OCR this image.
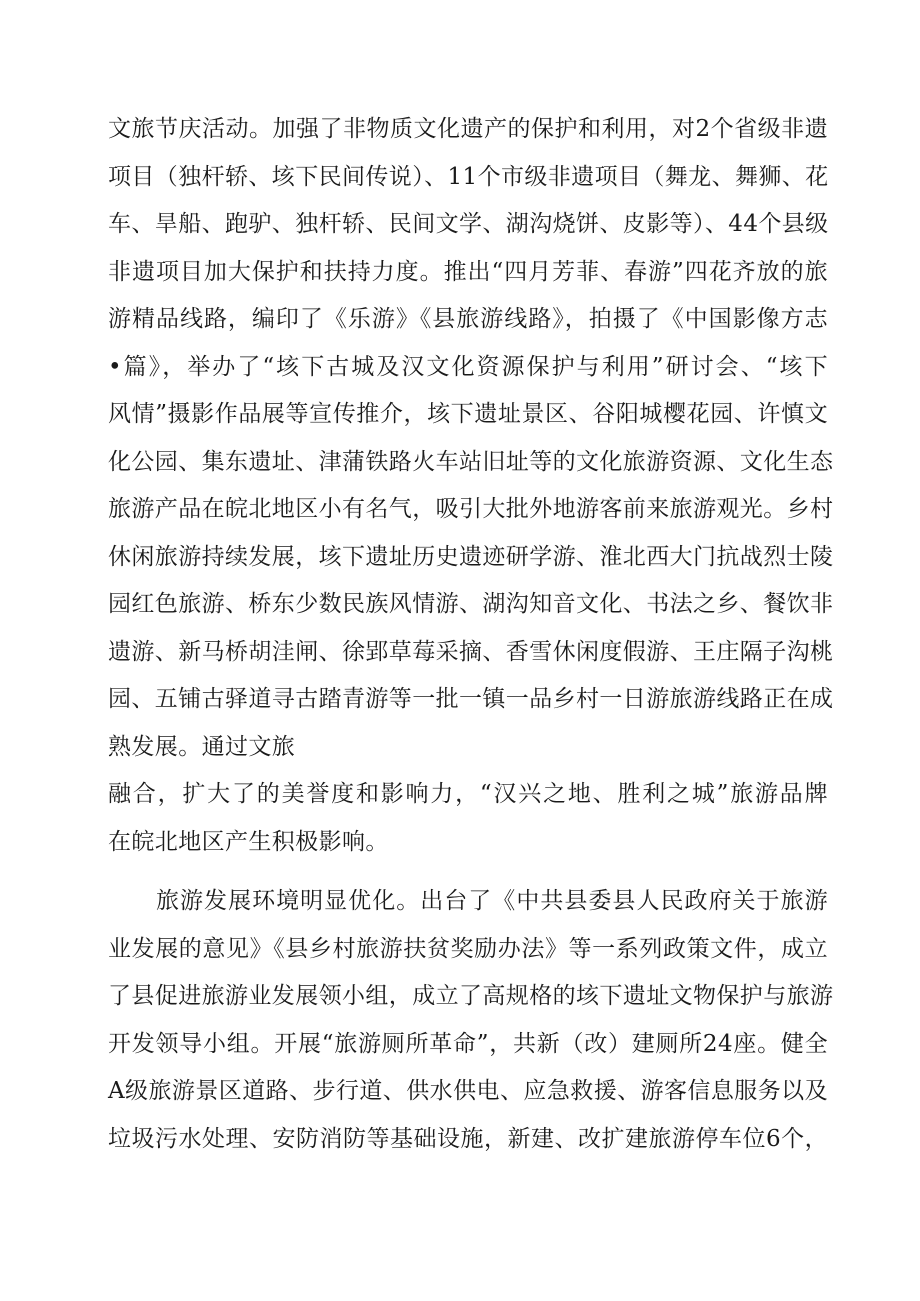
文旅节庆活动。加强了非物质文化遗产的保护和利用，对2个省级非遗
项目（独杆轿、垓下民间传说）、11个市级非遗项目（舞龙、舞狮、花
车、旱船、跑驴、独杆轿、民间文学、湖沟烧饼、皮影等）、44个县级
非遗项目加大保护和扶持力度。推出“四月芳菲、春游”四花齐放的旅
游精品线路，编印了《乐游》《县旅游线路》，拍摄了《中国影像方志
•篇》，举办了“垓下古城及汉文化资源保护与利用”研讨会、“垓下
风情”摄影作品展等宣传推介，垓下遗址景区、谷阳城樱花园、许慎文
化公园、集东遗址、津蒲铁路火车站旧址等的文化旅游资源、文化生态
旅游产品在皖北地区小有名气，吸引大批外地游客前来旅游观光。乡村
休闲旅游持续发展，垓下遗址历史遗迹研学游、淮北西大门抗战烈士陵
园红色旅游、桥东少数民族风情游、湖沟知音文化、书法之乡、餐饮非
遗游、新马桥胡洼闸、徐郢草莓采摘、香雪休闲度假游、王庄隔子沟桃
园、五铺古驿道寻古踏青游等一批一镇一品乡村一日游旅游线路正在成
熟发展。通过文旅
融合，扩大了的美誉度和影响力，“汉兴之地、胜利之城”旅游品牌
在皖北地区产生积极影响。
旅游发展环境明显优化。出台了《中共县委县人民政府关于旅游
业发展的意见》《县乡村旅游扶贫奖励办法》等一系列政策文件，成立
了县促进旅游业发展领小组，成立了高规格的垓下遗址文物保护与旅游
开发领导小组。开展“旅游厕所革命”，共新（改）建厕所24座。健全
A级旅游景区道路、步行道、供水供电、应急救援、游客信息服务以及
垃圾污水处理、安防消防等基础设施，新建、改扩建旅游停车位6个，
